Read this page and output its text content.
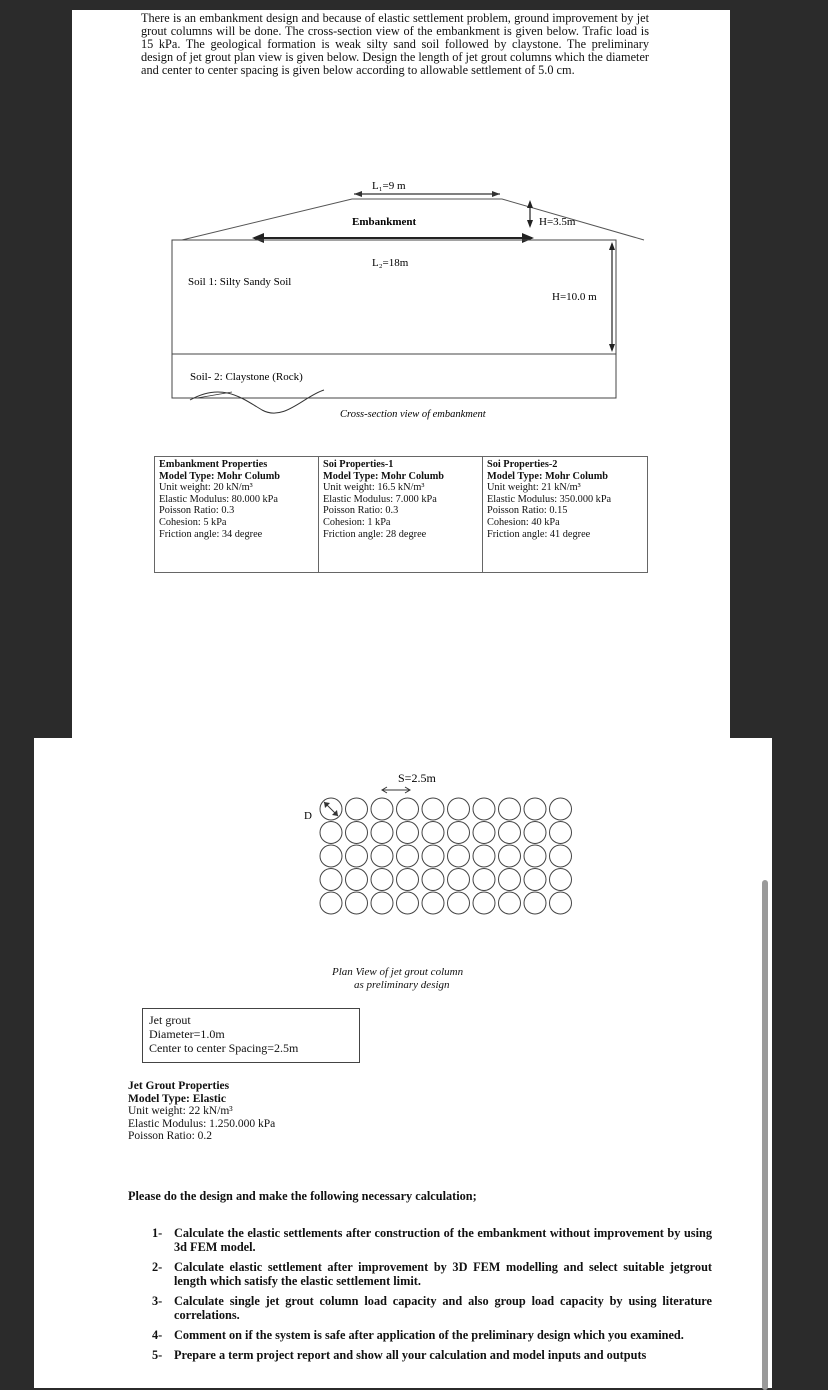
There is an embankment design and because of elastic settlement problem, ground improvement by jet grout columns will be done. The cross-section view of the embankment is given below. Trafic load is 15 kPa. The geological formation is weak silty sand soil followed by claystone. The preliminary design of jet grout plan view is given below. Design the length of jet grout columns which the diameter and center to center spacing is given below according to allowable settlement of 5.0 cm.
L₁=9 m
Embankment	H=3.5m
L₂=18m
Soil 1: Silty Sandy Soil
H=10.0 m
Soil- 2: Claystone (Rock)
Cross-section view of embankment
Embankment Properties
Model Type: Mohr Columb
Unit weight: 20 kN/m³
Elastic Modulus: 80.000 kPa
Poisson Ratio: 0.3
Cohesion: 5 kPa
Friction angle: 34 degree
Soi Properties-1
Model Type: Mohr Columb
Unit weight: 16.5 kN/m³
Elastic Modulus: 7.000 kPa
Poisson Ratio: 0.3
Cohesion: 1 kPa
Friction angle: 28 degree
Soi Properties-2
Model Type: Mohr Columb
Unit weight: 21 kN/m³
Elastic Modulus: 350.000 kPa
Poisson Ratio: 0.15
Cohesion: 40 kPa
Friction angle: 41 degree
S=2.5m
D
Plan View of jet grout column
as preliminary design
Jet grout
Diameter=1.0m
Center to center Spacing=2.5m
Jet Grout Properties
Model Type: Elastic
Unit weight: 22 kN/m³
Elastic Modulus: 1.250.000 kPa
Poisson Ratio: 0.2
Please do the design and make the following necessary calculation;
1- Calculate the elastic settlements after construction of the embankment without improvement by using 3d FEM model.
2- Calculate elastic settlement after improvement by 3D FEM modelling and select suitable jetgrout length which satisfy the elastic settlement limit.
3- Calculate single jet grout column load capacity and also group load capacity by using literature correlations.
4- Comment on if the system is safe after application of the preliminary design which you examined.
5- Prepare a term project report and show all your calculation and model inputs and outputs
